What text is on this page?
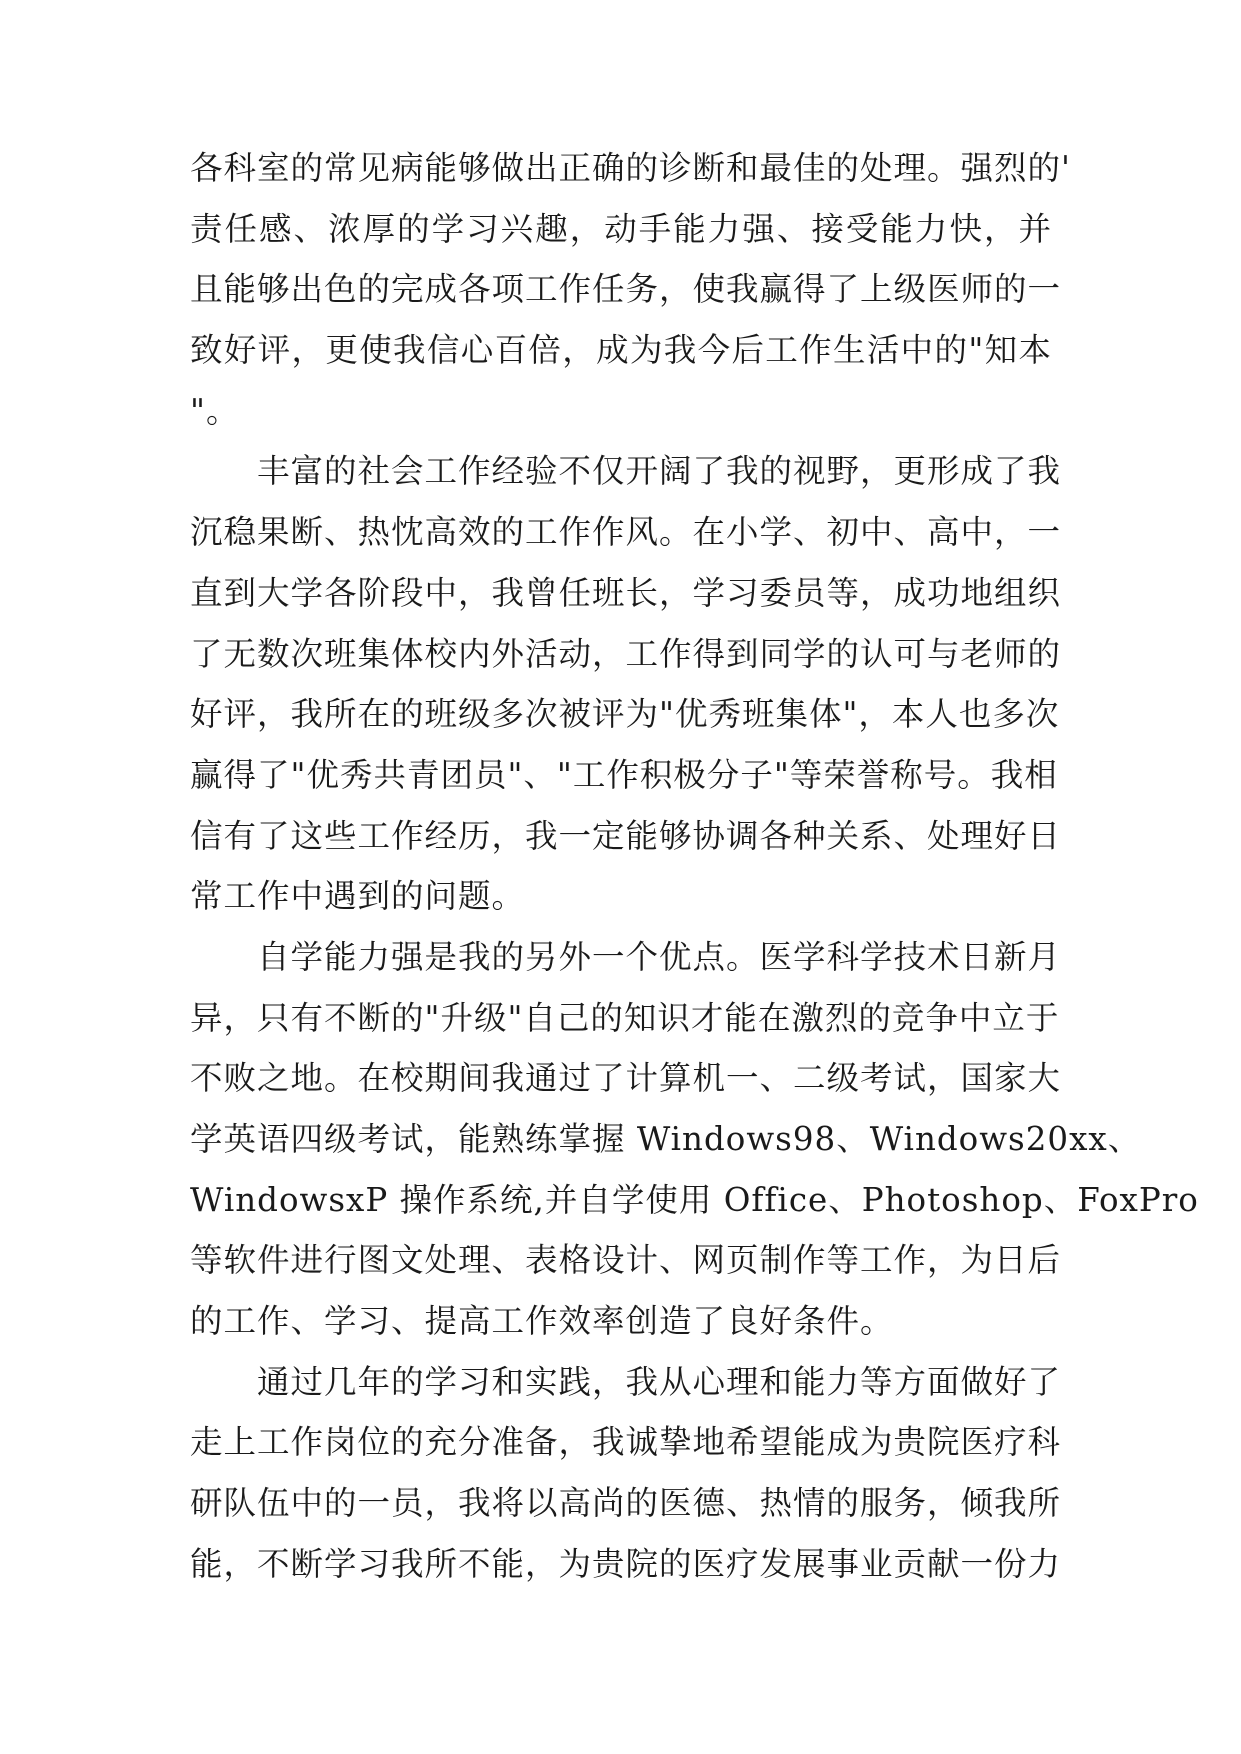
各科室的常见病能够做出正确的诊断和最佳的处理。强烈的'
责任感、浓厚的学习兴趣，动手能力强、接受能力快，并
且能够出色的完成各项工作任务，使我赢得了上级医师的一
致好评，更使我信心百倍，成为我今后工作生活中的"知本
"。
　　丰富的社会工作经验不仅开阔了我的视野，更形成了我
沉稳果断、热忱高效的工作作风。在小学、初中、高中，一
直到大学各阶段中，我曾任班长，学习委员等，成功地组织
了无数次班集体校内外活动，工作得到同学的认可与老师的
好评，我所在的班级多次被评为"优秀班集体"，本人也多次
赢得了"优秀共青团员"、"工作积极分子"等荣誉称号。我相
信有了这些工作经历，我一定能够协调各种关系、处理好日
常工作中遇到的问题。
　　自学能力强是我的另外一个优点。医学科学技术日新月
异，只有不断的"升级"自己的知识才能在激烈的竞争中立于
不败之地。在校期间我通过了计算机一、二级考试，国家大
学英语四级考试，能熟练掌握 Windows98、Windows20xx、
WindowsxP 操作系统,并自学使用 Office、Photoshop、FoxPro
等软件进行图文处理、表格设计、网页制作等工作，为日后
的工作、学习、提高工作效率创造了良好条件。
　　通过几年的学习和实践，我从心理和能力等方面做好了
走上工作岗位的充分准备，我诚挚地希望能成为贵院医疗科
研队伍中的一员，我将以高尚的医德、热情的服务，倾我所
能，不断学习我所不能，为贵院的医疗发展事业贡献一份力
